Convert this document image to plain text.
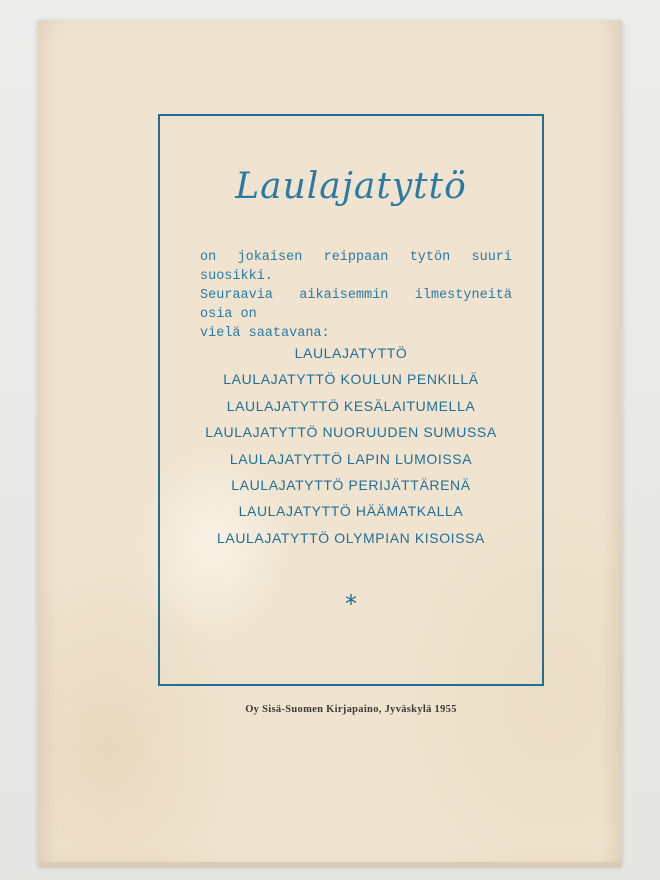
Laulajatyttö
on jokaisen reippaan tytön suuri suosikki.
Seuraavia aikaisemmin ilmestyneitä osia on
vielä saatavana:
LAULAJATYTTÖ
LAULAJATYTTÖ KOULUN PENKILLÄ
LAULAJATYTTÖ KESÄLAITUMELLA
LAULAJATYTTÖ NUORUUDEN SUMUSSA
LAULAJATYTTÖ LAPIN LUMOISSA
LAULAJATYTTÖ PERIJÄTTÄRENÄ
LAULAJATYTTÖ HÄÄMATKALLA
LAULAJATYTTÖ OLYMPIAN KISOISSA
*
Oy Sisä-Suomen Kirjapaino, Jyväskylä 1955
